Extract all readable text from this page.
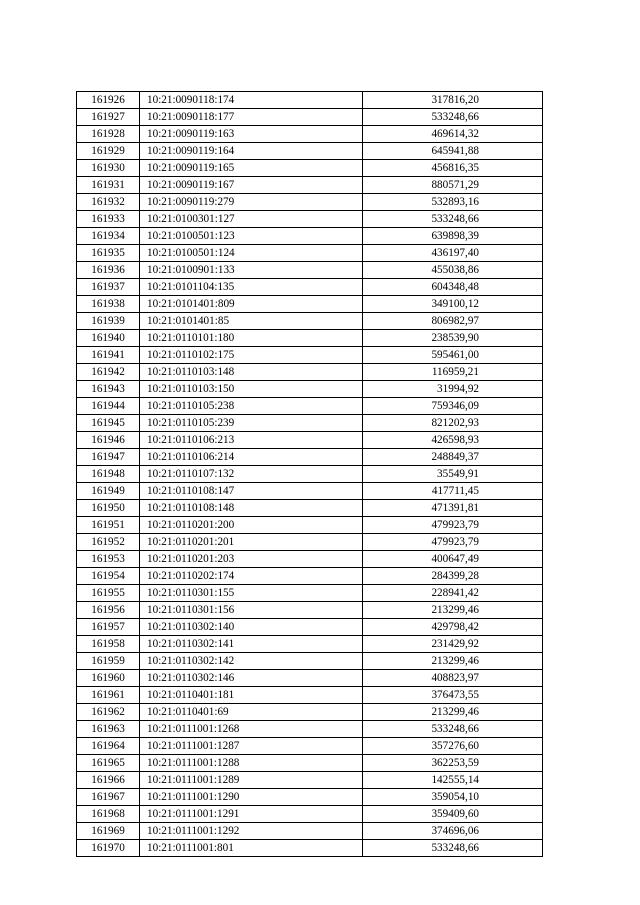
161926	10:21:0090118:174	317816,20
161927	10:21:0090118:177	533248,66
161928	10:21:0090119:163	469614,32
161929	10:21:0090119:164	645941,88
161930	10:21:0090119:165	456816,35
161931	10:21:0090119:167	880571,29
161932	10:21:0090119:279	532893,16
161933	10:21:0100301:127	533248,66
161934	10:21:0100501:123	639898,39
161935	10:21:0100501:124	436197,40
161936	10:21:0100901:133	455038,86
161937	10:21:0101104:135	604348,48
161938	10:21:0101401:809	349100,12
161939	10:21:0101401:85	806982,97
161940	10:21:0110101:180	238539,90
161941	10:21:0110102:175	595461,00
161942	10:21:0110103:148	116959,21
161943	10:21:0110103:150	31994,92
161944	10:21:0110105:238	759346,09
161945	10:21:0110105:239	821202,93
161946	10:21:0110106:213	426598,93
161947	10:21:0110106:214	248849,37
161948	10:21:0110107:132	35549,91
161949	10:21:0110108:147	417711,45
161950	10:21:0110108:148	471391,81
161951	10:21:0110201:200	479923,79
161952	10:21:0110201:201	479923,79
161953	10:21:0110201:203	400647,49
161954	10:21:0110202:174	284399,28
161955	10:21:0110301:155	228941,42
161956	10:21:0110301:156	213299,46
161957	10:21:0110302:140	429798,42
161958	10:21:0110302:141	231429,92
161959	10:21:0110302:142	213299,46
161960	10:21:0110302:146	408823,97
161961	10:21:0110401:181	376473,55
161962	10:21:0110401:69	213299,46
161963	10:21:0111001:1268	533248,66
161964	10:21:0111001:1287	357276,60
161965	10:21:0111001:1288	362253,59
161966	10:21:0111001:1289	142555,14
161967	10:21:0111001:1290	359054,10
161968	10:21:0111001:1291	359409,60
161969	10:21:0111001:1292	374696,06
161970	10:21:0111001:801	533248,66
